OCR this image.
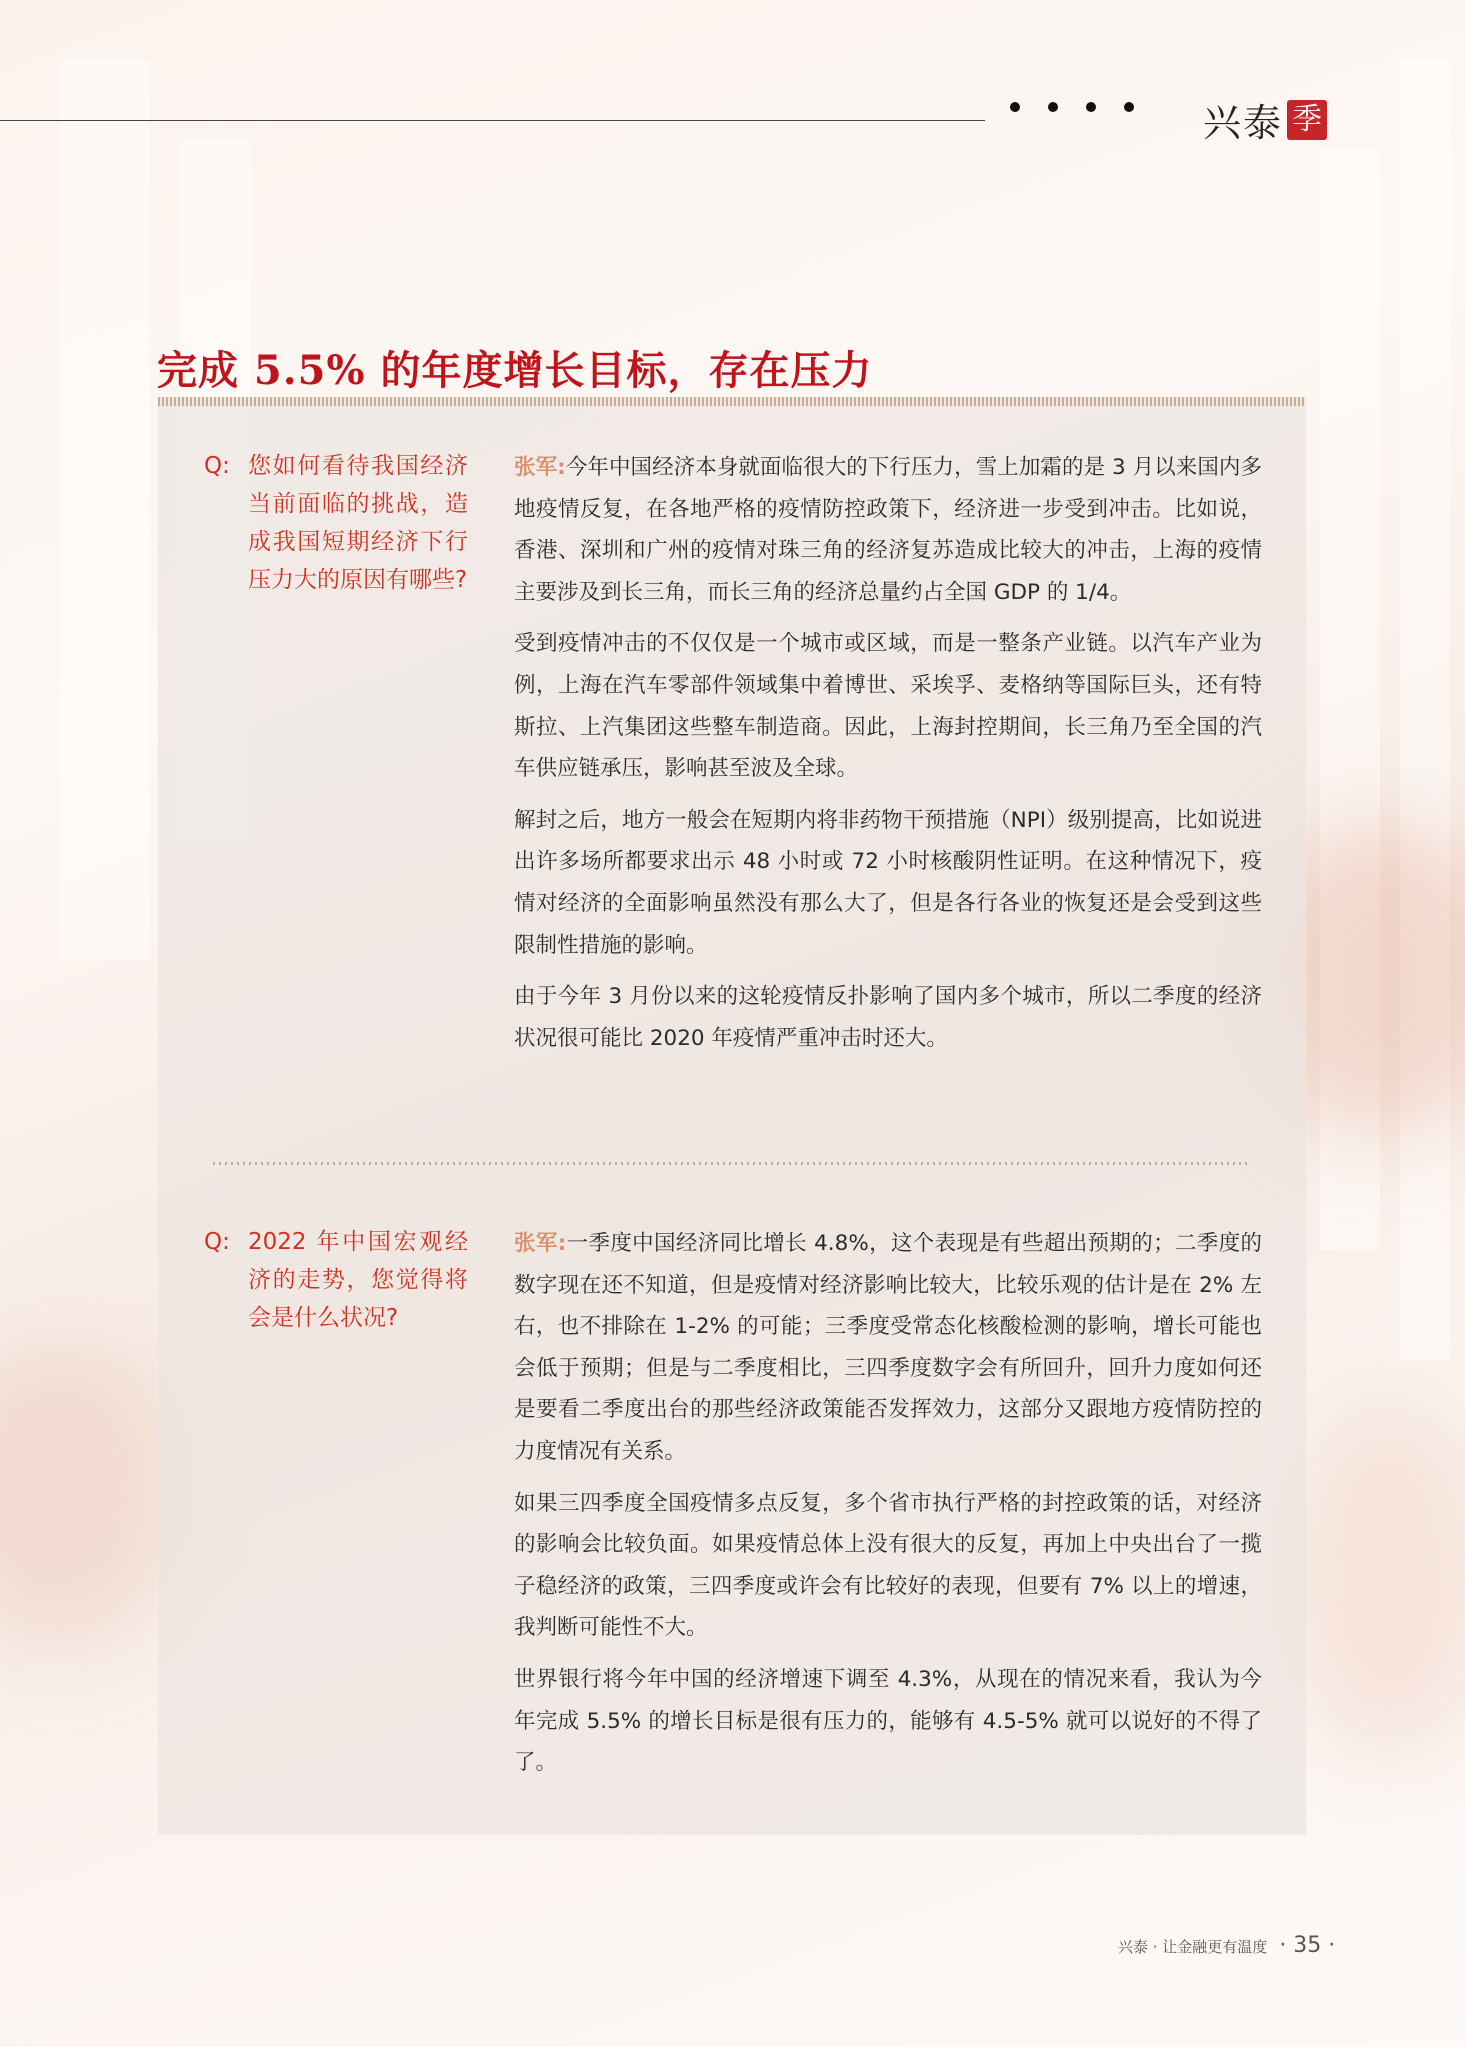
兴泰 季
完成 5.5% 的年度增长目标，存在压力
Q: 您如何看待我国经济当前面临的挑战，造成我国短期经济下行压力大的原因有哪些?

张军:今年中国经济本身就面临很大的下行压力，雪上加霜的是 3 月以来国内多地疫情反复，在各地严格的疫情防控政策下，经济进一步受到冲击。比如说，香港、深圳和广州的疫情对珠三角的经济复苏造成比较大的冲击，上海的疫情主要涉及到长三角，而长三角的经济总量约占全国 GDP 的 1/4。

受到疫情冲击的不仅仅是一个城市或区域，而是一整条产业链。以汽车产业为例，上海在汽车零部件领域集中着博世、采埃孚、麦格纳等国际巨头，还有特斯拉、上汽集团这些整车制造商。因此，上海封控期间，长三角乃至全国的汽车供应链承压，影响甚至波及全球。

解封之后，地方一般会在短期内将非药物干预措施（NPI）级别提高，比如说进出许多场所都要求出示 48 小时或 72 小时核酸阴性证明。在这种情况下，疫情对经济的全面影响虽然没有那么大了，但是各行各业的恢复还是会受到这些限制性措施的影响。

由于今年 3 月份以来的这轮疫情反扑影响了国内多个城市，所以二季度的经济状况很可能比 2020 年疫情严重冲击时还大。

Q: 2022 年中国宏观经济的走势，您觉得将会是什么状况?

张军:一季度中国经济同比增长 4.8%，这个表现是有些超出预期的；二季度的数字现在还不知道，但是疫情对经济影响比较大，比较乐观的估计是在 2% 左右，也不排除在 1-2% 的可能；三季度受常态化核酸检测的影响，增长可能也会低于预期；但是与二季度相比，三四季度数字会有所回升，回升力度如何还是要看二季度出台的那些经济政策能否发挥效力，这部分又跟地方疫情防控的力度情况有关系。

如果三四季度全国疫情多点反复，多个省市执行严格的封控政策的话，对经济的影响会比较负面。如果疫情总体上没有很大的反复，再加上中央出台了一揽子稳经济的政策，三四季度或许会有比较好的表现，但要有 7% 以上的增速，我判断可能性不大。

世界银行将今年中国的经济增速下调至 4.3%，从现在的情况来看，我认为今年完成 5.5% 的增长目标是很有压力的，能够有 4.5-5% 就可以说好的不得了了。

兴泰 · 让金融更有温度 · 35 ·
